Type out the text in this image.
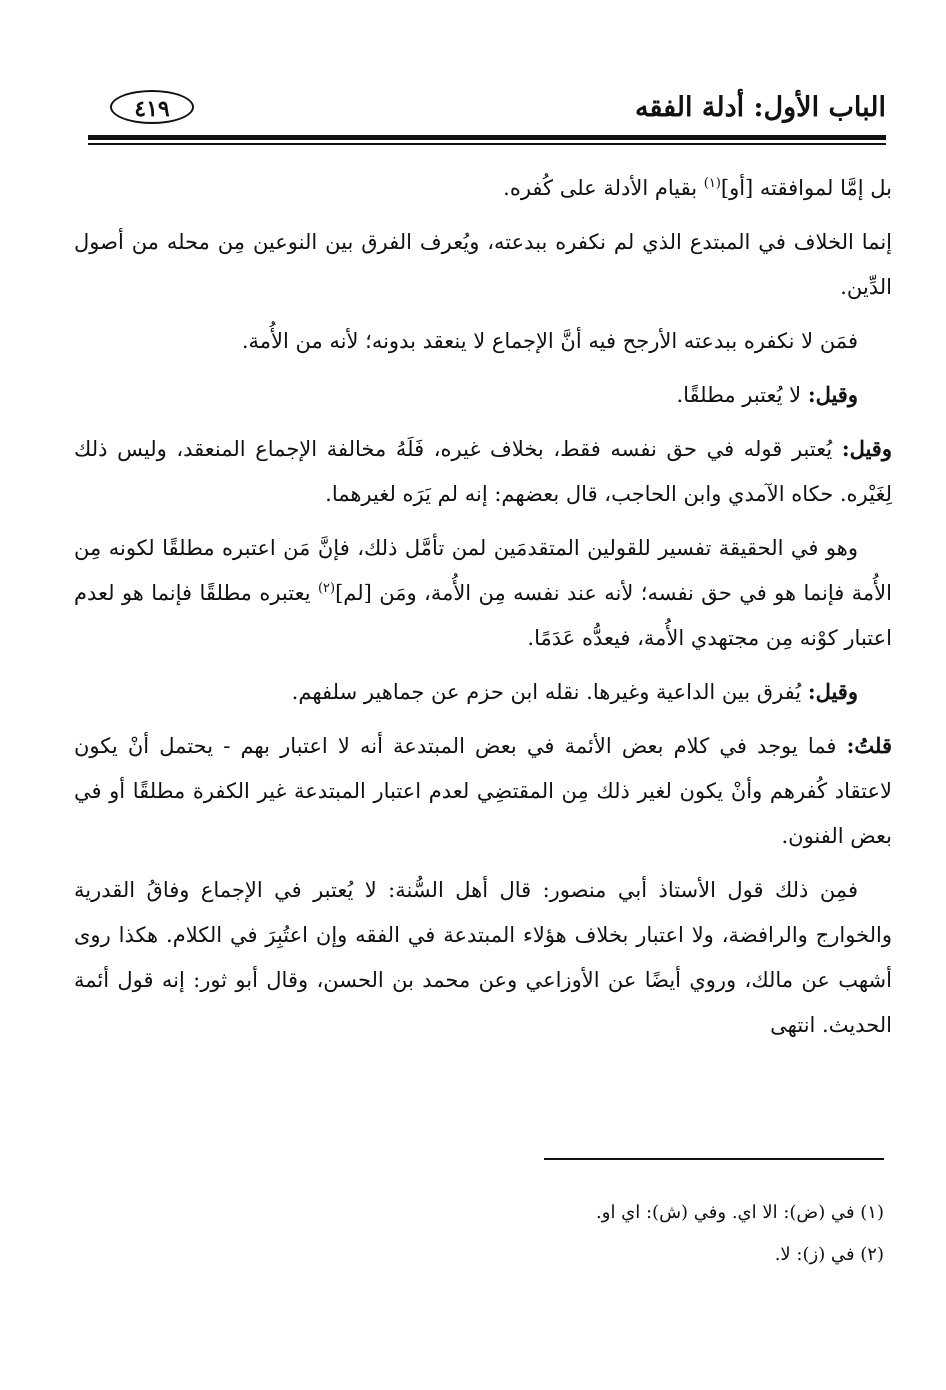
الباب الأول: أدلة الفقه
٤١٩

بل إمَّا لموافقته [أو]$^{(١)}$ بقيام الأدلة على كُفره.

إنما الخلاف في المبتدع الذي لم نكفره ببدعته، ويُعرف الفرق بين النوعين مِن محله من أصول الدِّين.

فمَن لا نكفره ببدعته الأرجح فيه أنَّ الإجماع لا ينعقد بدونه؛ لأنه من الأُمة.

وقيل: لا يُعتبر مطلقًا.

وقيل: يُعتبر قوله في حق نفسه فقط، بخلاف غيره، فَلَهُ مخالفة الإجماع المنعقد، وليس ذلك لِغَيْره. حكاه الآمدي وابن الحاجب، قال بعضهم: إنه لم يَرَه لغيرهما.

وهو في الحقيقة تفسير للقولين المتقدمَين لمن تأمَّل ذلك، فإنَّ مَن اعتبره مطلقًا لكونه مِن الأُمة فإنما هو في حق نفسه؛ لأنه عند نفسه مِن الأُمة، ومَن [لم]$^{(٢)}$ يعتبره مطلقًا فإنما هو لعدم اعتبار كوْنه مِن مجتهدي الأُمة، فيعدُّه عَدَمًا.

وقيل: يُفرق بين الداعية وغيرها. نقله ابن حزم عن جماهير سلفهم.

قلتُ: فما يوجد في كلام بعض الأئمة في بعض المبتدعة أنه لا اعتبار بهم - يحتمل أنْ يكون لاعتقاد كُفرهم وأنْ يكون لغير ذلك مِن المقتضِي لعدم اعتبار المبتدعة غير الكفرة مطلقًا أو في بعض الفنون.

فمِن ذلك قول الأستاذ أبي منصور: قال أهل السُّنة: لا يُعتبر في الإجماع وفاقُ القدرية والخوارج والرافضة، ولا اعتبار بخلاف هؤلاء المبتدعة في الفقه وإن اعتُبِرَ في الكلام. هكذا روى أشهب عن مالك، وروي أيضًا عن الأوزاعي وعن محمد بن الحسن، وقال أبو ثور: إنه قول أئمة الحديث. انتهى

(١) في (ض): الا اي. وفي (ش): اي او.
(٢) في (ز): لا.
